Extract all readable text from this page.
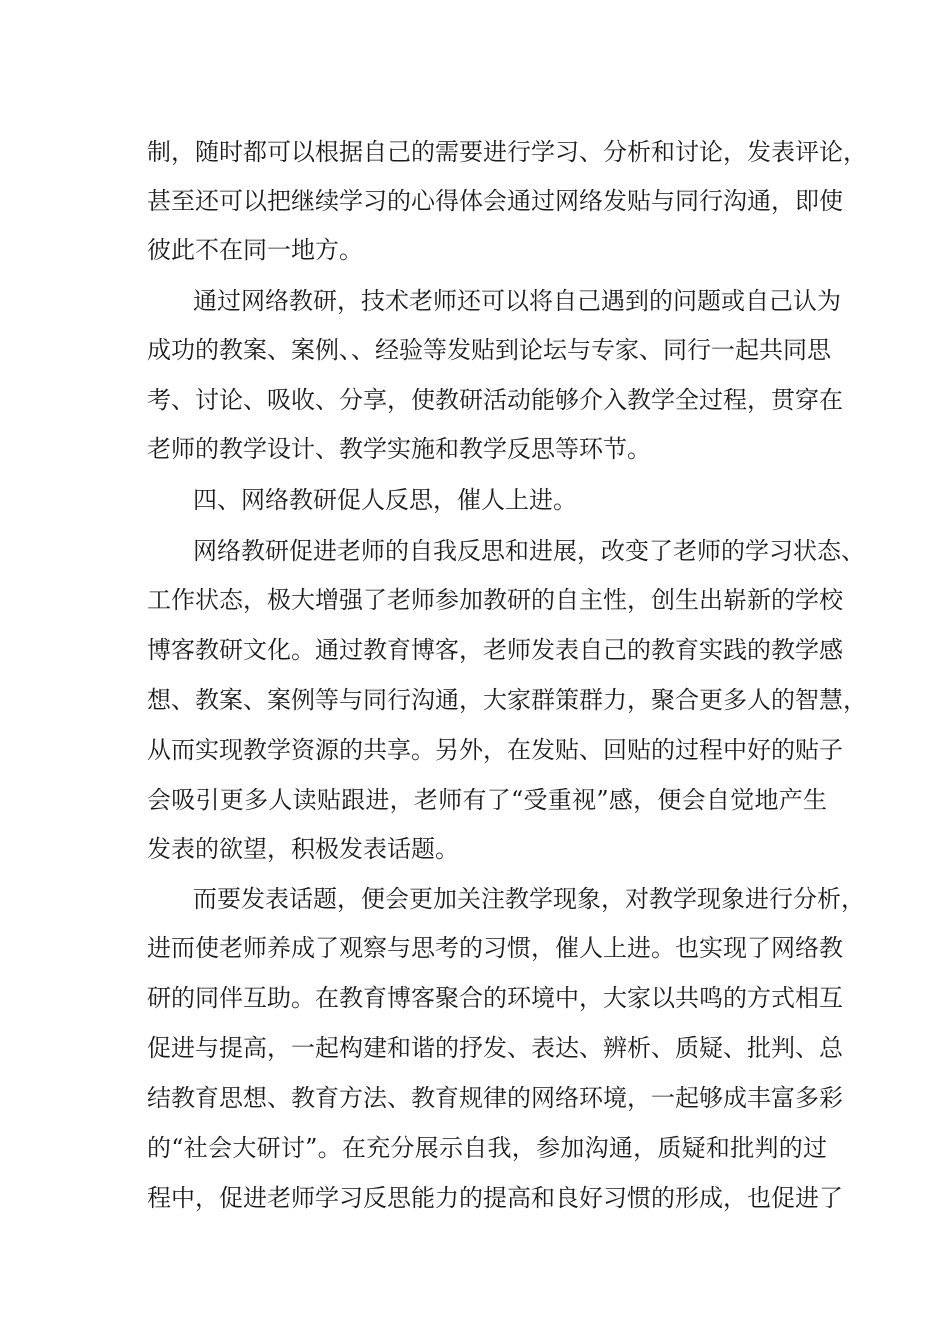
制，随时都可以根据自己的需要进行学习、分析和讨论，发表评论，
甚至还可以把继续学习的心得体会通过网络发贴与同行沟通，即使
彼此不在同一地方。
通过网络教研，技术老师还可以将自己遇到的问题或自己认为
成功的教案、案例、、经验等发贴到论坛与专家、同行一起共同思
考、讨论、吸收、分享，使教研活动能够介入教学全过程，贯穿在
老师的教学设计、教学实施和教学反思等环节。
四、网络教研促人反思，催人上进。
网络教研促进老师的自我反思和进展，改变了老师的学习状态、
工作状态，极大增强了老师参加教研的自主性，创生出崭新的学校
博客教研文化。通过教育博客，老师发表自己的教育实践的教学感
想、教案、案例等与同行沟通，大家群策群力，聚合更多人的智慧，
从而实现教学资源的共享。另外，在发贴、回贴的过程中好的贴子
会吸引更多人读贴跟进，老师有了“受重视”感，便会自觉地产生
发表的欲望，积极发表话题。
而要发表话题，便会更加关注教学现象，对教学现象进行分析，
进而使老师养成了观察与思考的习惯，催人上进。也实现了网络教
研的同伴互助。在教育博客聚合的环境中，大家以共鸣的方式相互
促进与提高，一起构建和谐的抒发、表达、辨析、质疑、批判、总
结教育思想、教育方法、教育规律的网络环境，一起够成丰富多彩
的“社会大研讨”。在充分展示自我，参加沟通，质疑和批判的过
程中，促进老师学习反思能力的提高和良好习惯的形成，也促进了
